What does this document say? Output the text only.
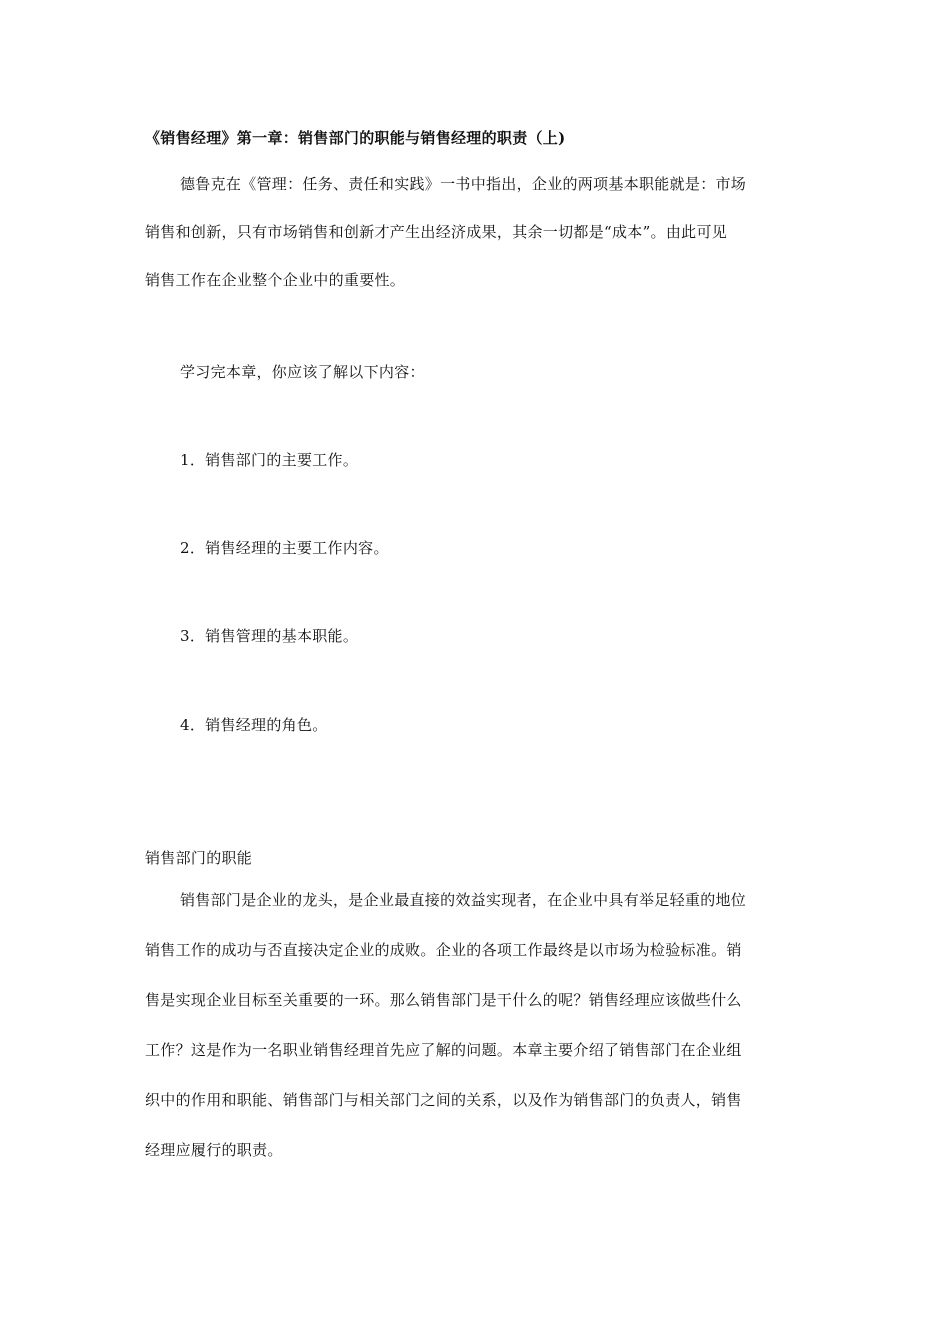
《销售经理》第一章：销售部门的职能与销售经理的职责（上)
德鲁克在《管理：任务、责任和实践》一书中指出，企业的两项基本职能就是：市场
销售和创新，只有市场销售和创新才产生出经济成果，其余一切都是“成本”。由此可见
销售工作在企业整个企业中的重要性。
学习完本章，你应该了解以下内容：
1．销售部门的主要工作。
2．销售经理的主要工作内容。
3．销售管理的基本职能。
4．销售经理的角色。
销售部门的职能
销售部门是企业的龙头，是企业最直接的效益实现者，在企业中具有举足轻重的地位
销售工作的成功与否直接决定企业的成败。企业的各项工作最终是以市场为检验标准。销
售是实现企业目标至关重要的一环。那么销售部门是干什么的呢？销售经理应该做些什么
工作？这是作为一名职业销售经理首先应了解的问题。本章主要介绍了销售部门在企业组
织中的作用和职能、销售部门与相关部门之间的关系，以及作为销售部门的负责人，销售
经理应履行的职责。
